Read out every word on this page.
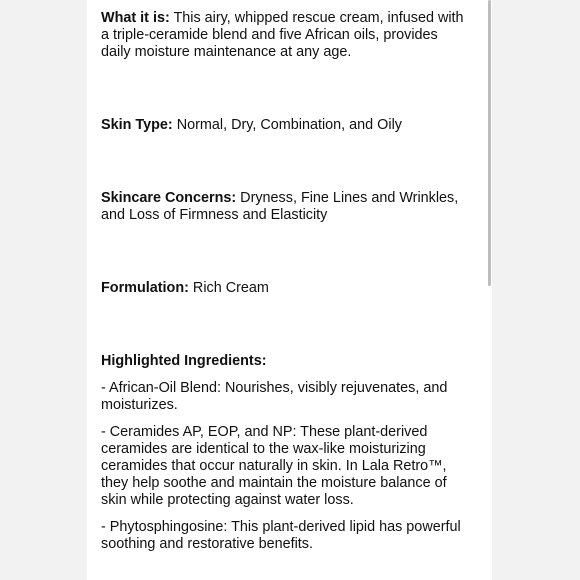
What it is: This airy, whipped rescue cream, infused with a triple-ceramide blend and five African oils, provides daily moisture maintenance at any age.

Skin Type: Normal, Dry, Combination, and Oily

Skincare Concerns: Dryness, Fine Lines and Wrinkles, and Loss of Firmness and Elasticity

Formulation: Rich Cream

Highlighted Ingredients:

- African-Oil Blend: Nourishes, visibly rejuvenates, and moisturizes.

- Ceramides AP, EOP, and NP: These plant-derived ceramides are identical to the wax-like moisturizing ceramides that occur naturally in skin. In Lala Retro™, they help soothe and maintain the moisture balance of skin while protecting against water loss.

- Phytosphingosine: This plant-derived lipid has powerful soothing and restorative benefits.
